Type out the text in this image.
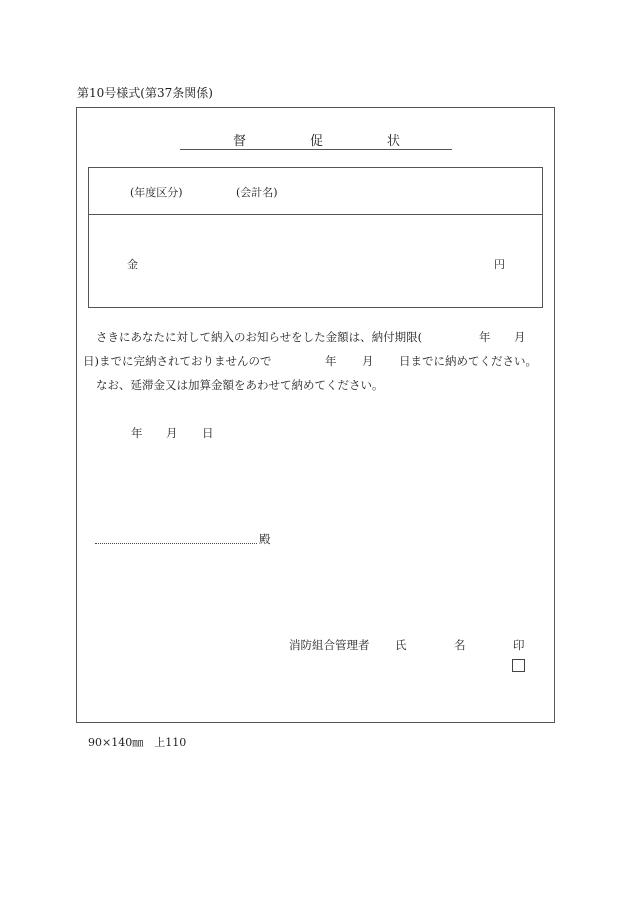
第10号様式(第37条関係)
督	促	状
(年度区分)	(会計名)
金	円
さきにあなたに対して納入のお知らせをした金額は、納付期限(	年 月
日)までに完納されておりませんので	年 月 日までに納めてください。
なお、延滞金又は加算金額をあわせて納めてください。
年 月 日
殿
消防組合管理者 氏	名	印
90×140㎜　上110
